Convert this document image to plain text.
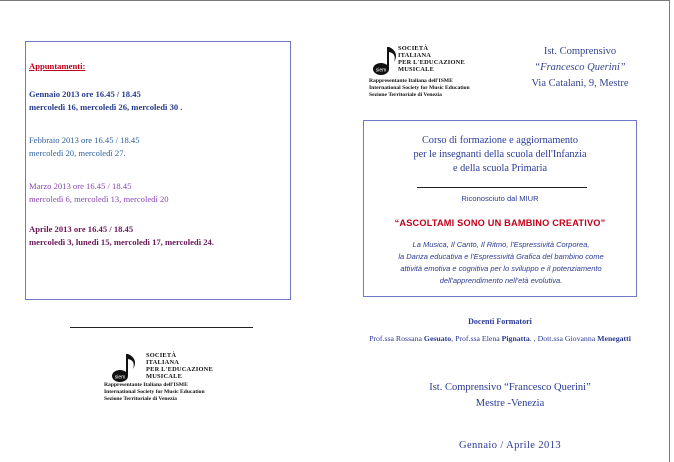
Appuntamenti:
Gennaio 2013 ore 16.45 / 18.45
mercoledì 16, mercoledì 26, mercoledì 30 .
Febbraio 2013 ore 16.45 / 18.45
mercoledì 20, mercoledì 27.
Marzo 2013 ore 16.45 / 18.45
mercoledì 6, mercoledì 13, mercoledì 20
Aprile 2013 ore 16.45 / 18.45
mercoledì 3, lunedì 15, mercoledì 17, mercoledì 24.
siem
SOCIETÀ
ITALIANA
PER L'EDUCAZIONE
MUSICALE
Rappresentante Italiana dell'ISME
International Society for Music Education
Sezione Territoriale di Venezia
siem
SOCIETÀ
ITALIANA
PER L'EDUCAZIONE
MUSICALE
Rappresentante Italiana dell'ISME
International Society for Music Education
Sezione Territoriale di Venezia
Ist. Comprensivo
“Francesco Querini”
Via Catalani, 9, Mestre
Corso di formazione e aggiornamento
per le insegnanti della scuola dell'Infanzia
e della scuola Primaria
Riconosciuto dal MIUR
“ASCOLTAMI SONO UN BAMBINO CREATIVO”
La Musica, Il Canto, Il Ritmo, l'Espressività Corporea,
la Danza educativa e l'Espressività Grafica del bambino come
attività emotiva e cognitiva per lo sviluppo e il potenziamento
dell'apprendimento nell'età evolutiva.
Docenti Formatori
Prof.ssa Rossana Gesuato, Prof.ssa Elena Pignatta. , Dott.ssa Giovanna Menegatti
Ist. Comprensivo “Francesco Querini”
Mestre -Venezia
Gennaio / Aprile 2013
